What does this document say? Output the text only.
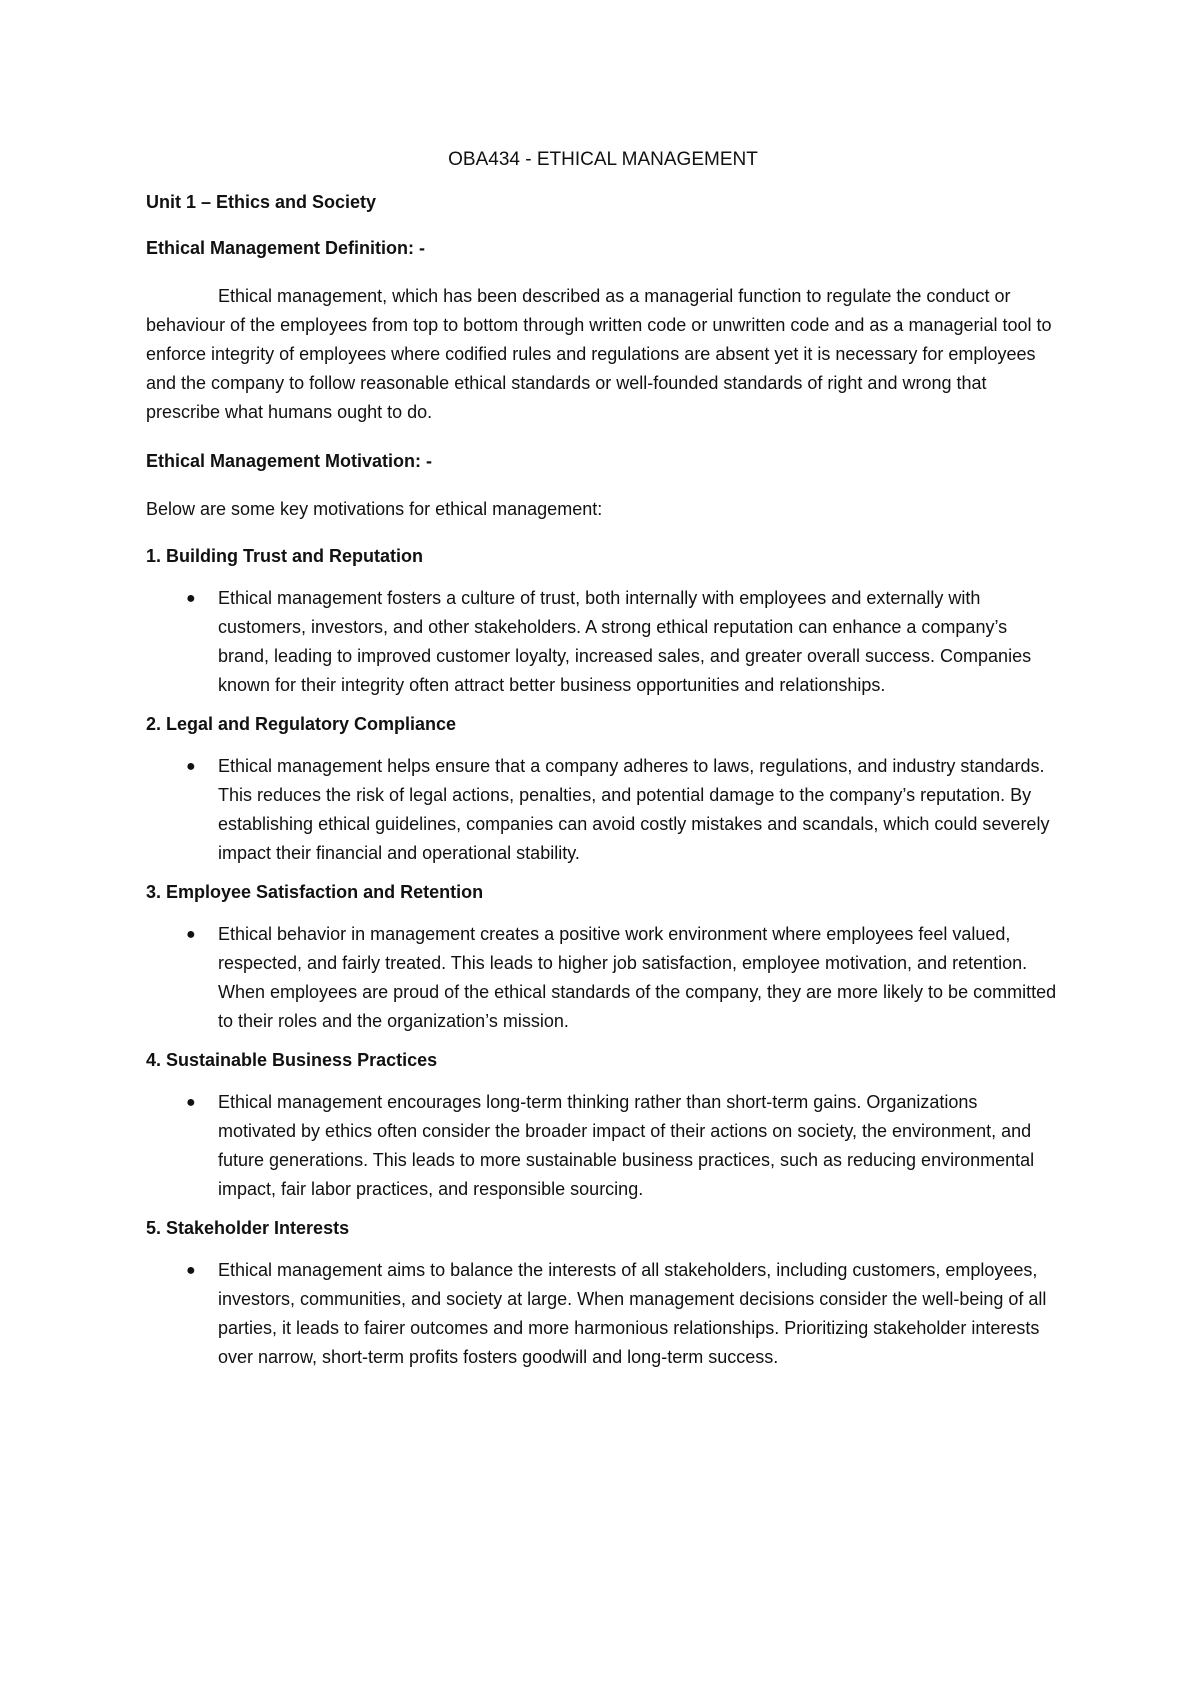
OBA434 - ETHICAL MANAGEMENT
Unit 1 – Ethics and Society
Ethical Management Definition: -

Ethical management, which has been described as a managerial function to regulate the conduct or behaviour of the employees from top to bottom through written code or unwritten code and as a managerial tool to enforce integrity of employees where codified rules and regulations are absent yet it is necessary for employees and the company to follow reasonable ethical standards or well-founded standards of right and wrong that prescribe what humans ought to do.

Ethical Management Motivation: -

Below are some key motivations for ethical management:

1. Building Trust and Reputation
● Ethical management fosters a culture of trust, both internally with employees and externally with customers, investors, and other stakeholders. A strong ethical reputation can enhance a company’s brand, leading to improved customer loyalty, increased sales, and greater overall success. Companies known for their integrity often attract better business opportunities and relationships.
2. Legal and Regulatory Compliance
● Ethical management helps ensure that a company adheres to laws, regulations, and industry standards. This reduces the risk of legal actions, penalties, and potential damage to the company’s reputation. By establishing ethical guidelines, companies can avoid costly mistakes and scandals, which could severely impact their financial and operational stability.
3. Employee Satisfaction and Retention
● Ethical behavior in management creates a positive work environment where employees feel valued, respected, and fairly treated. This leads to higher job satisfaction, employee motivation, and retention. When employees are proud of the ethical standards of the company, they are more likely to be committed to their roles and the organization’s mission.
4. Sustainable Business Practices
● Ethical management encourages long-term thinking rather than short-term gains. Organizations motivated by ethics often consider the broader impact of their actions on society, the environment, and future generations. This leads to more sustainable business practices, such as reducing environmental impact, fair labor practices, and responsible sourcing.
5. Stakeholder Interests
● Ethical management aims to balance the interests of all stakeholders, including customers, employees, investors, communities, and society at large. When management decisions consider the well-being of all parties, it leads to fairer outcomes and more harmonious relationships. Prioritizing stakeholder interests over narrow, short-term profits fosters goodwill and long-term success.
